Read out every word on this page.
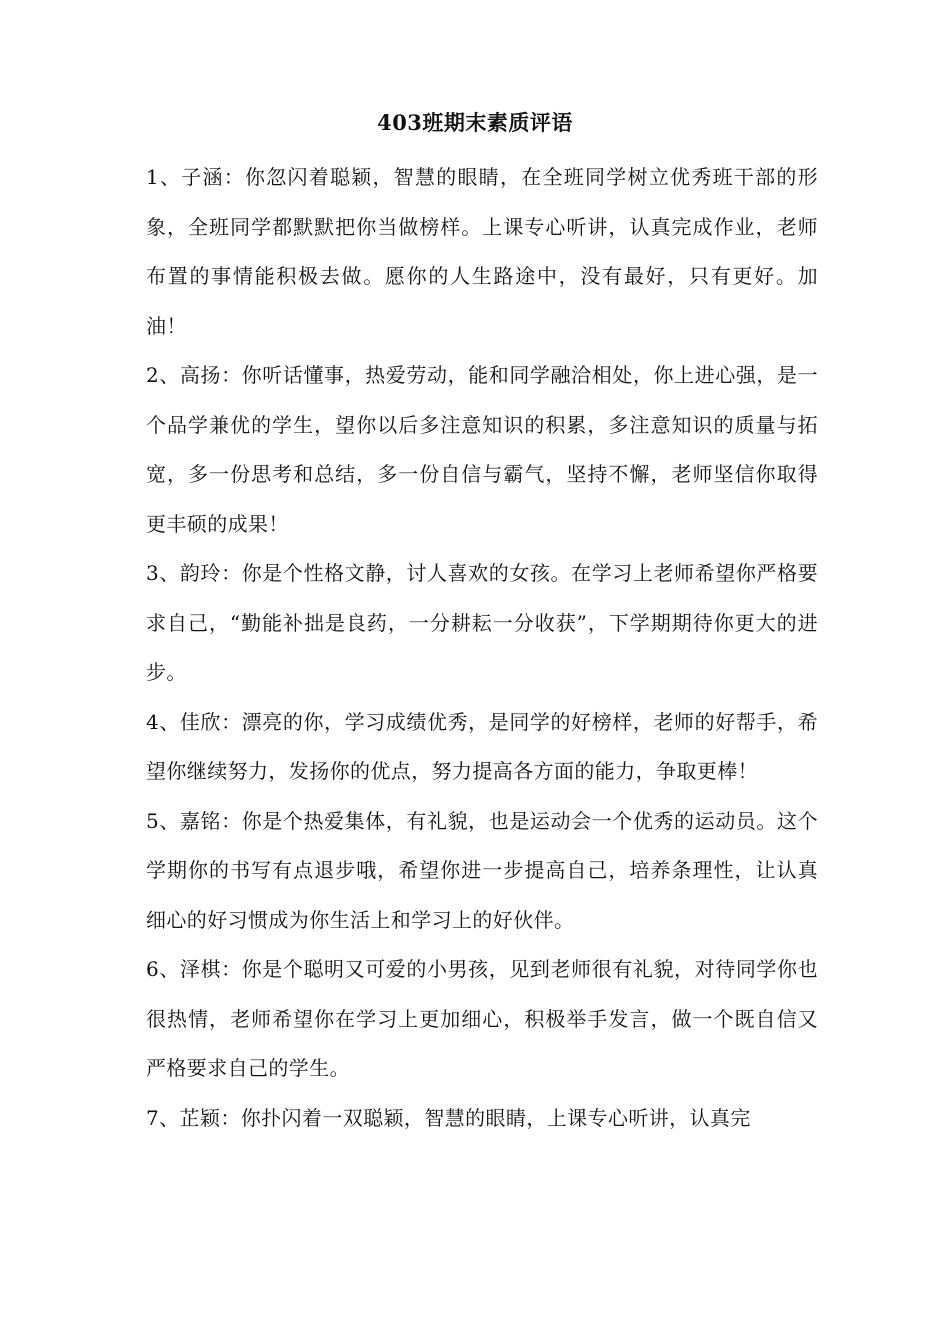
403班期末素质评语

1、子涵：你忽闪着聪颖，智慧的眼睛，在全班同学树立优秀班干部的形象，全班同学都默默把你当做榜样。上课专心听讲，认真完成作业，老师布置的事情能积极去做。愿你的人生路途中，没有最好，只有更好。加油！

2、高扬：你听话懂事，热爱劳动，能和同学融洽相处，你上进心强，是一个品学兼优的学生，望你以后多注意知识的积累，多注意知识的质量与拓宽，多一份思考和总结，多一份自信与霸气，坚持不懈，老师坚信你取得更丰硕的成果！

3、韵玲：你是个性格文静，讨人喜欢的女孩。在学习上老师希望你严格要求自己，“勤能补拙是良药，一分耕耘一分收获”，下学期期待你更大的进步。

4、佳欣：漂亮的你，学习成绩优秀，是同学的好榜样，老师的好帮手，希望你继续努力，发扬你的优点，努力提高各方面的能力，争取更棒！

5、嘉铭：你是个热爱集体，有礼貌，也是运动会一个优秀的运动员。这个学期你的书写有点退步哦，希望你进一步提高自己，培养条理性，让认真细心的好习惯成为你生活上和学习上的好伙伴。

6、泽棋：你是个聪明又可爱的小男孩，见到老师很有礼貌，对待同学你也很热情，老师希望你在学习上更加细心，积极举手发言，做一个既自信又严格要求自己的学生。

7、芷颖：你扑闪着一双聪颖，智慧的眼睛，上课专心听讲，认真完
